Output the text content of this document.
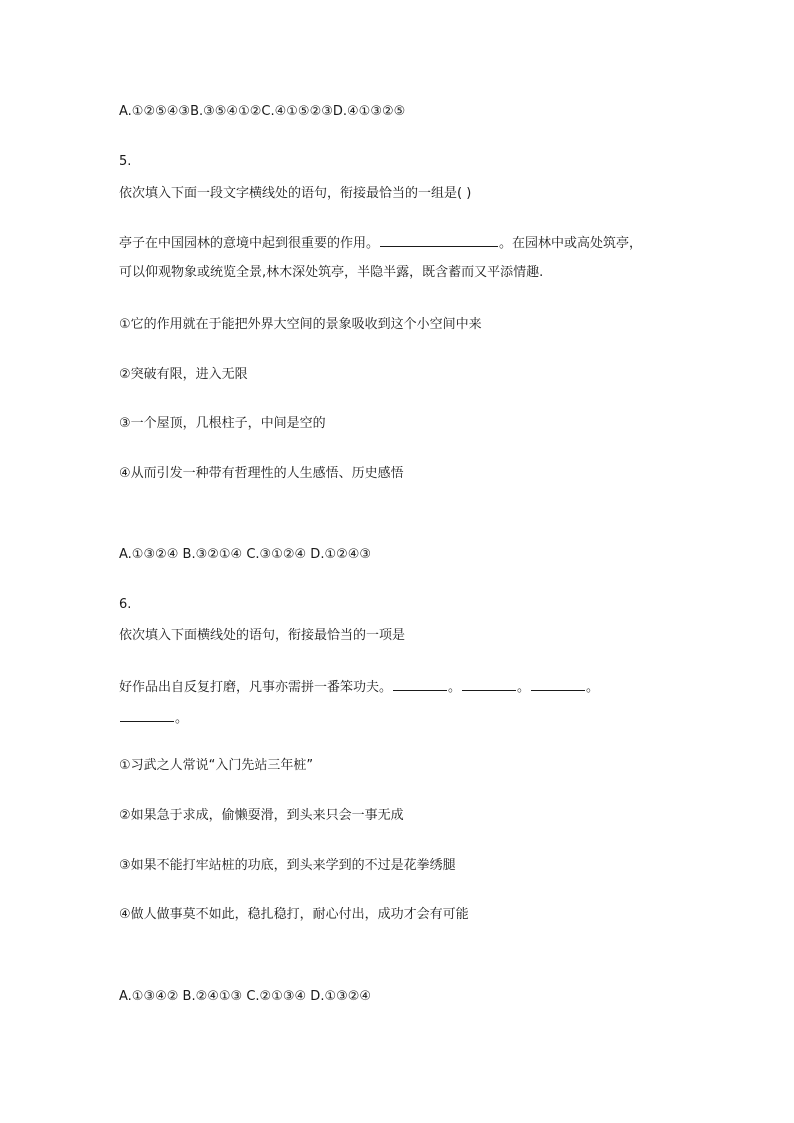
A.①②⑤④③B.③⑤④①②C.④①⑤②③D.④①③②⑤
5.
依次填入下面一段文字横线处的语句，衔接最恰当的一组是( )
亭子在中国园林的意境中起到很重要的作用。	。在园林中或高处筑亭，
可以仰观物象或统览全景,林木深处筑亭，半隐半露，既含蓄而又平添情趣.
①它的作用就在于能把外界大空间的景象吸收到这个小空间中来
②突破有限，进入无限
③一个屋顶，几根柱子，中间是空的
④从而引发一种带有哲理性的人生感悟、历史感悟
A.①③②④ B.③②①④ C.③①②④ D.①②④③
6.
依次填入下面横线处的语句，衔接最恰当的一项是
好作品出自反复打磨，凡事亦需拼一番笨功夫。	。	。	。
。
①习武之人常说“入门先站三年桩”
②如果急于求成，偷懒耍滑，到头来只会一事无成
③如果不能打牢站桩的功底，到头来学到的不过是花拳绣腿
④做人做事莫不如此，稳扎稳打，耐心付出，成功才会有可能
A.①③④② B.②④①③ C.②①③④ D.①③②④
